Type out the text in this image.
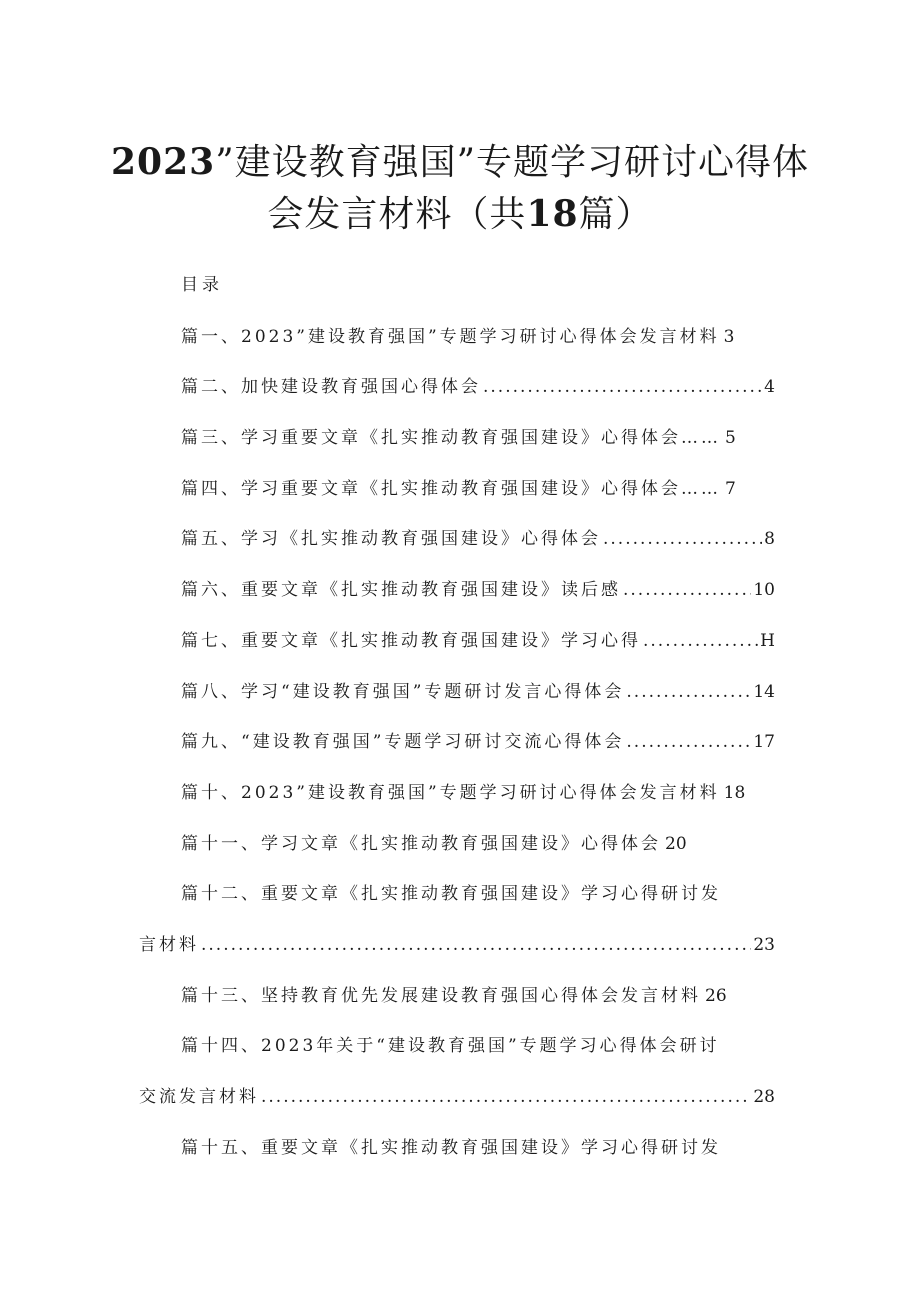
2023”建设教育强国”专题学习研讨心得体
会发言材料（共18篇）
目录
篇一、2023”建设教育强国”专题学习研讨心得体会发言材料 3
篇二、加快建设教育强国心得体会 .....	4
篇三、学习重要文章《扎实推动教育强国建设》心得体会…… 5
篇四、学习重要文章《扎实推动教育强国建设》心得体会…… 7
篇五、学习《扎实推动教育强国建设》心得体会 .....	8
篇六、重要文章《扎实推动教育强国建设》读后感 .....	10
篇七、重要文章《扎实推动教育强国建设》学习心得 .....	H
篇八、学习“建设教育强国”专题研讨发言心得体会 .....	14
篇九、“建设教育强国”专题学习研讨交流心得体会 .....	17
篇十、2023”建设教育强国”专题学习研讨心得体会发言材料 18
篇十一、学习文章《扎实推动教育强国建设》心得体会 20
篇十二、重要文章《扎实推动教育强国建设》学习心得研讨发
言材料 .....	23
篇十三、坚持教育优先发展建设教育强国心得体会发言材料 26
篇十四、2023年关于“建设教育强国”专题学习心得体会研讨
交流发言材料 .....	28
篇十五、重要文章《扎实推动教育强国建设》学习心得研讨发
